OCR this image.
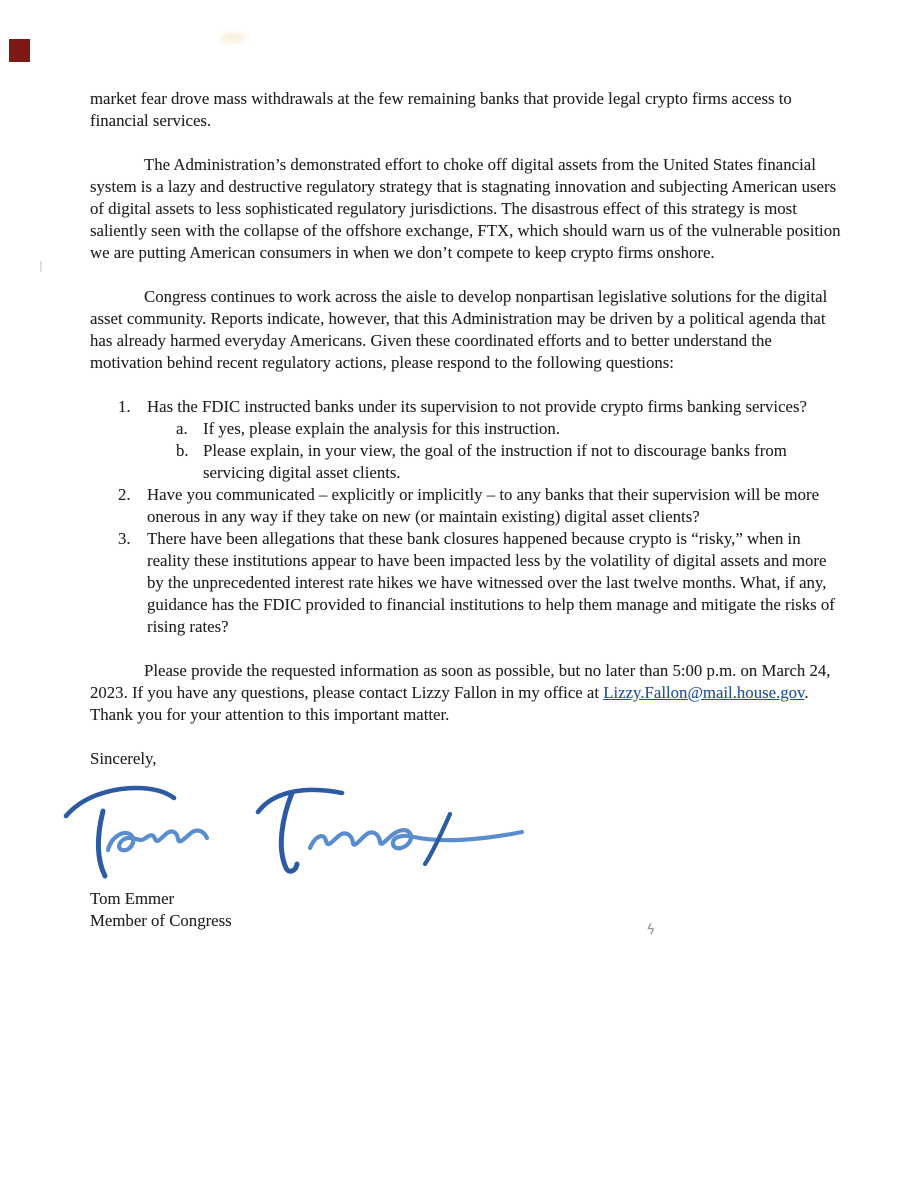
ϟ

market fear drove mass withdrawals at the few remaining banks that provide legal crypto firms access to financial services.

The Administration’s demonstrated effort to choke off digital assets from the United States financial system is a lazy and destructive regulatory strategy that is stagnating innovation and subjecting American users of digital assets to less sophisticated regulatory jurisdictions. The disastrous effect of this strategy is most saliently seen with the collapse of the offshore exchange, FTX, which should warn us of the vulnerable position we are putting American consumers in when we don’t compete to keep crypto firms onshore.

Congress continues to work across the aisle to develop nonpartisan legislative solutions for the digital asset community. Reports indicate, however, that this Administration may be driven by a political agenda that has already harmed everyday Americans. Given these coordinated efforts and to better understand the motivation behind recent regulatory actions, please respond to the following questions:

1. Has the FDIC instructed banks under its supervision to not provide crypto firms banking services?
a. If yes, please explain the analysis for this instruction.
b. Please explain, in your view, the goal of the instruction if not to discourage banks from servicing digital asset clients.
2. Have you communicated – explicitly or implicitly – to any banks that their supervision will be more onerous in any way if they take on new (or maintain existing) digital asset clients?
3. There have been allegations that these bank closures happened because crypto is “risky,” when in reality these institutions appear to have been impacted less by the volatility of digital assets and more by the unprecedented interest rate hikes we have witnessed over the last twelve months. What, if any, guidance has the FDIC provided to financial institutions to help them manage and mitigate the risks of rising rates?

Please provide the requested information as soon as possible, but no later than 5:00 p.m. on March 24, 2023. If you have any questions, please contact Lizzy Fallon in my office at Lizzy.Fallon@mail.house.gov. Thank you for your attention to this important matter.

Sincerely,

Tom Emmer

Member of Congress
